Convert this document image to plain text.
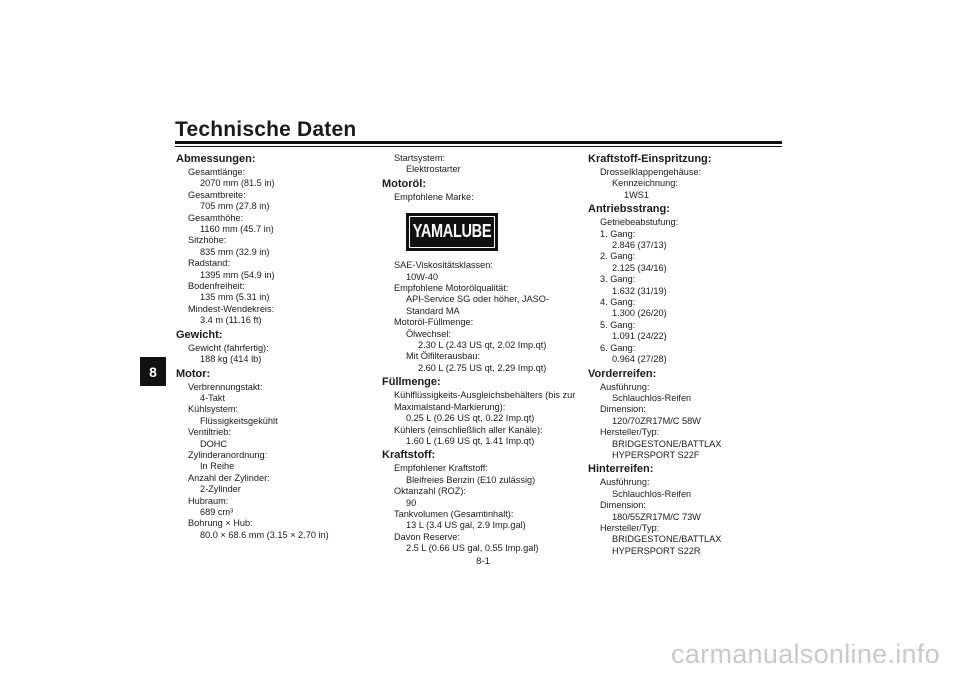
Technische Daten
8
Abmessungen:
Gesamtlänge:
2070 mm (81.5 in)
Gesamtbreite:
705 mm (27.8 in)
Gesamthöhe:
1160 mm (45.7 in)
Sitzhöhe:
835 mm (32.9 in)
Radstand:
1395 mm (54.9 in)
Bodenfreiheit:
135 mm (5.31 in)
Mindest-Wendekreis:
3.4 m (11.16 ft)
Gewicht:
Gewicht (fahrfertig):
188 kg (414 lb)
Motor:
Verbrennungstakt:
4-Takt
Kühlsystem:
Flüssigkeitsgekühlt
Ventiltrieb:
DOHC
Zylinderanordnung:
In Reihe
Anzahl der Zylinder:
2-Zylinder
Hubraum:
689 cm³
Bohrung × Hub:
80.0 × 68.6 mm (3.15 × 2.70 in)
Startsystem:
Elektrostarter
Motoröl:
Empfohlene Marke:
YAMALUBE
SAE-Viskositätsklassen:
10W-40
Empfohlene Motorölqualität:
API-Service SG oder höher, JASO-Standard MA
Motoröl-Füllmenge:
Ölwechsel:
2.30 L (2.43 US qt, 2.02 Imp.qt)
Mit Ölfilterausbau:
2.60 L (2.75 US qt, 2.29 Imp.qt)
Füllmenge:
Kühlflüssigkeits-Ausgleichsbehälters (bis zur Maximalstand-Markierung):
0.25 L (0.26 US qt, 0.22 Imp.qt)
Kühlers (einschließlich aller Kanäle):
1.60 L (1.69 US qt, 1.41 Imp.qt)
Kraftstoff:
Empfohlener Kraftstoff:
Bleifreies Benzin (E10 zulässig)
Oktanzahl (ROZ):
90
Tankvolumen (Gesamtinhalt):
13 L (3.4 US gal, 2.9 Imp.gal)
Davon Reserve:
2.5 L (0.66 US gal, 0.55 Imp.gal)
Kraftstoff-Einspritzung:
Drosselklappengehäuse:
Kennzeichnung:
1WS1
Antriebsstrang:
Getriebeabstufung:
1. Gang:
2.846 (37/13)
2. Gang:
2.125 (34/16)
3. Gang:
1.632 (31/19)
4. Gang:
1.300 (26/20)
5. Gang:
1.091 (24/22)
6. Gang:
0.964 (27/28)
Vorderreifen:
Ausführung:
Schlauchlos-Reifen
Dimension:
120/70ZR17M/C 58W
Hersteller/Typ:
BRIDGESTONE/BATTLAX HYPERSPORT S22F
Hinterreifen:
Ausführung:
Schlauchlos-Reifen
Dimension:
180/55ZR17M/C 73W
Hersteller/Typ:
BRIDGESTONE/BATTLAX HYPERSPORT S22R
8-1
carmanualsonline.info
